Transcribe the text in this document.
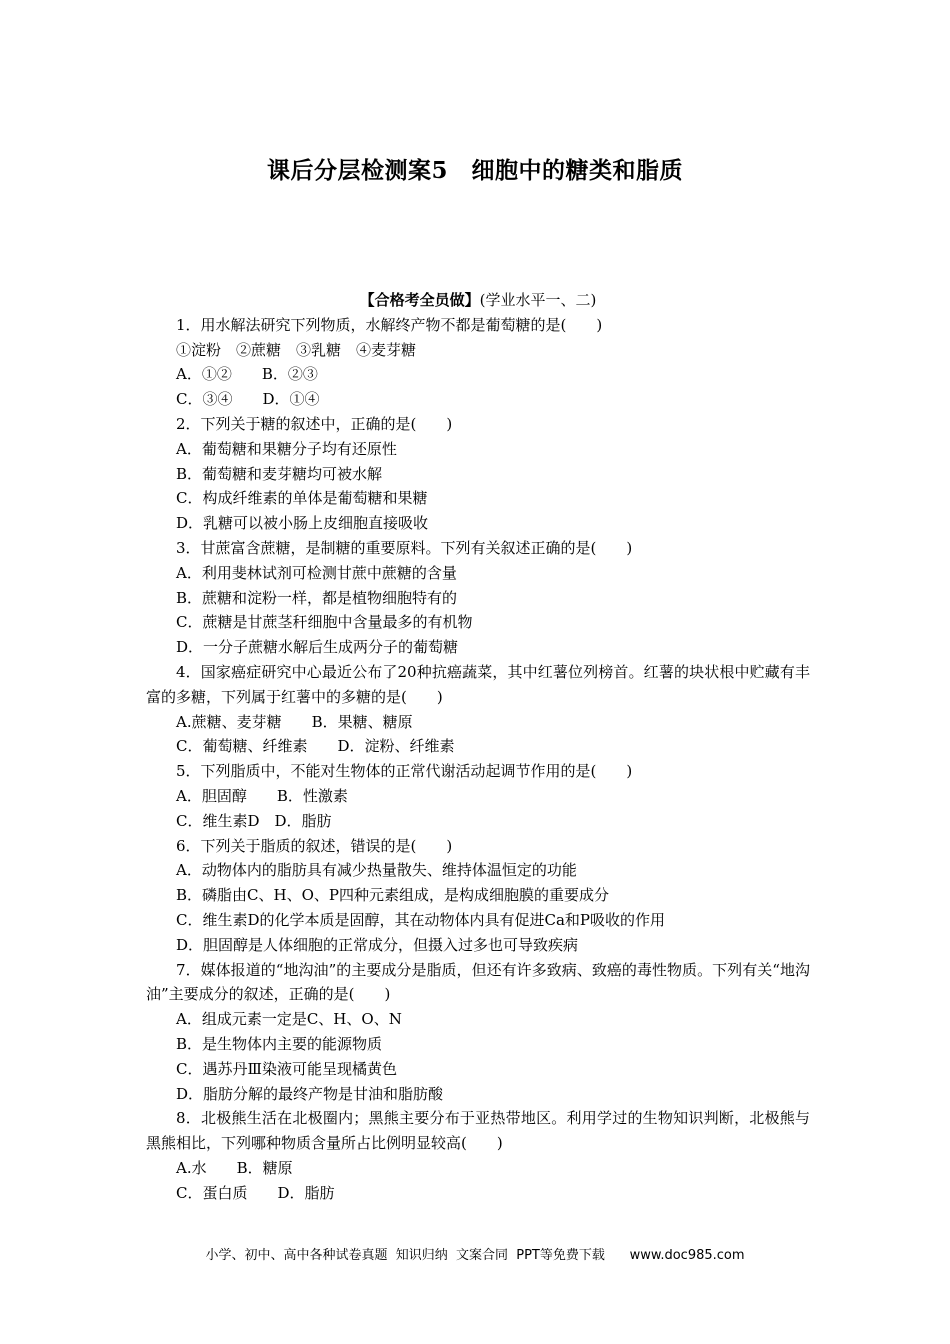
课后分层检测案5　细胞中的糖类和脂质
【合格考全员做】(学业水平一、二)
1．用水解法研究下列物质，水解终产物不都是葡萄糖的是(　　)
①淀粉　②蔗糖　③乳糖　④麦芽糖
A．①②　　B．②③
C．③④　　D．①④
2．下列关于糖的叙述中，正确的是(　　)
A．葡萄糖和果糖分子均有还原性
B．葡萄糖和麦芽糖均可被水解
C．构成纤维素的单体是葡萄糖和果糖
D．乳糖可以被小肠上皮细胞直接吸收
3．甘蔗富含蔗糖，是制糖的重要原料。下列有关叙述正确的是(　　)
A．利用斐林试剂可检测甘蔗中蔗糖的含量
B．蔗糖和淀粉一样，都是植物细胞特有的
C．蔗糖是甘蔗茎秆细胞中含量最多的有机物
D．一分子蔗糖水解后生成两分子的葡萄糖
4．国家癌症研究中心最近公布了20种抗癌蔬菜，其中红薯位列榜首。红薯的块状根中贮藏有丰富的多糖，下列属于红薯中的多糖的是(　　)
A.蔗糖、麦芽糖　　B．果糖、糖原
C．葡萄糖、纤维素　　D．淀粉、纤维素
5．下列脂质中，不能对生物体的正常代谢活动起调节作用的是(　　)
A．胆固醇　　B．性激素
C．维生素D　D．脂肪
6．下列关于脂质的叙述，错误的是(　　)
A．动物体内的脂肪具有减少热量散失、维持体温恒定的功能
B．磷脂由C、H、O、P四种元素组成，是构成细胞膜的重要成分
C．维生素D的化学本质是固醇，其在动物体内具有促进Ca和P吸收的作用
D．胆固醇是人体细胞的正常成分，但摄入过多也可导致疾病
7．媒体报道的“地沟油”的主要成分是脂质，但还有许多致病、致癌的毒性物质。下列有关“地沟油”主要成分的叙述，正确的是(　　)
A．组成元素一定是C、H、O、N
B．是生物体内主要的能源物质
C．遇苏丹Ⅲ染液可能呈现橘黄色
D．脂肪分解的最终产物是甘油和脂肪酸
8．北极熊生活在北极圈内；黑熊主要分布于亚热带地区。利用学过的生物知识判断，北极熊与黑熊相比，下列哪种物质含量所占比例明显较高(　　)
A.水　　B．糖原
C．蛋白质　　D．脂肪
小学、初中、高中各种试卷真题  知识归纳  文案合同  PPT等免费下载      www.doc985.com
